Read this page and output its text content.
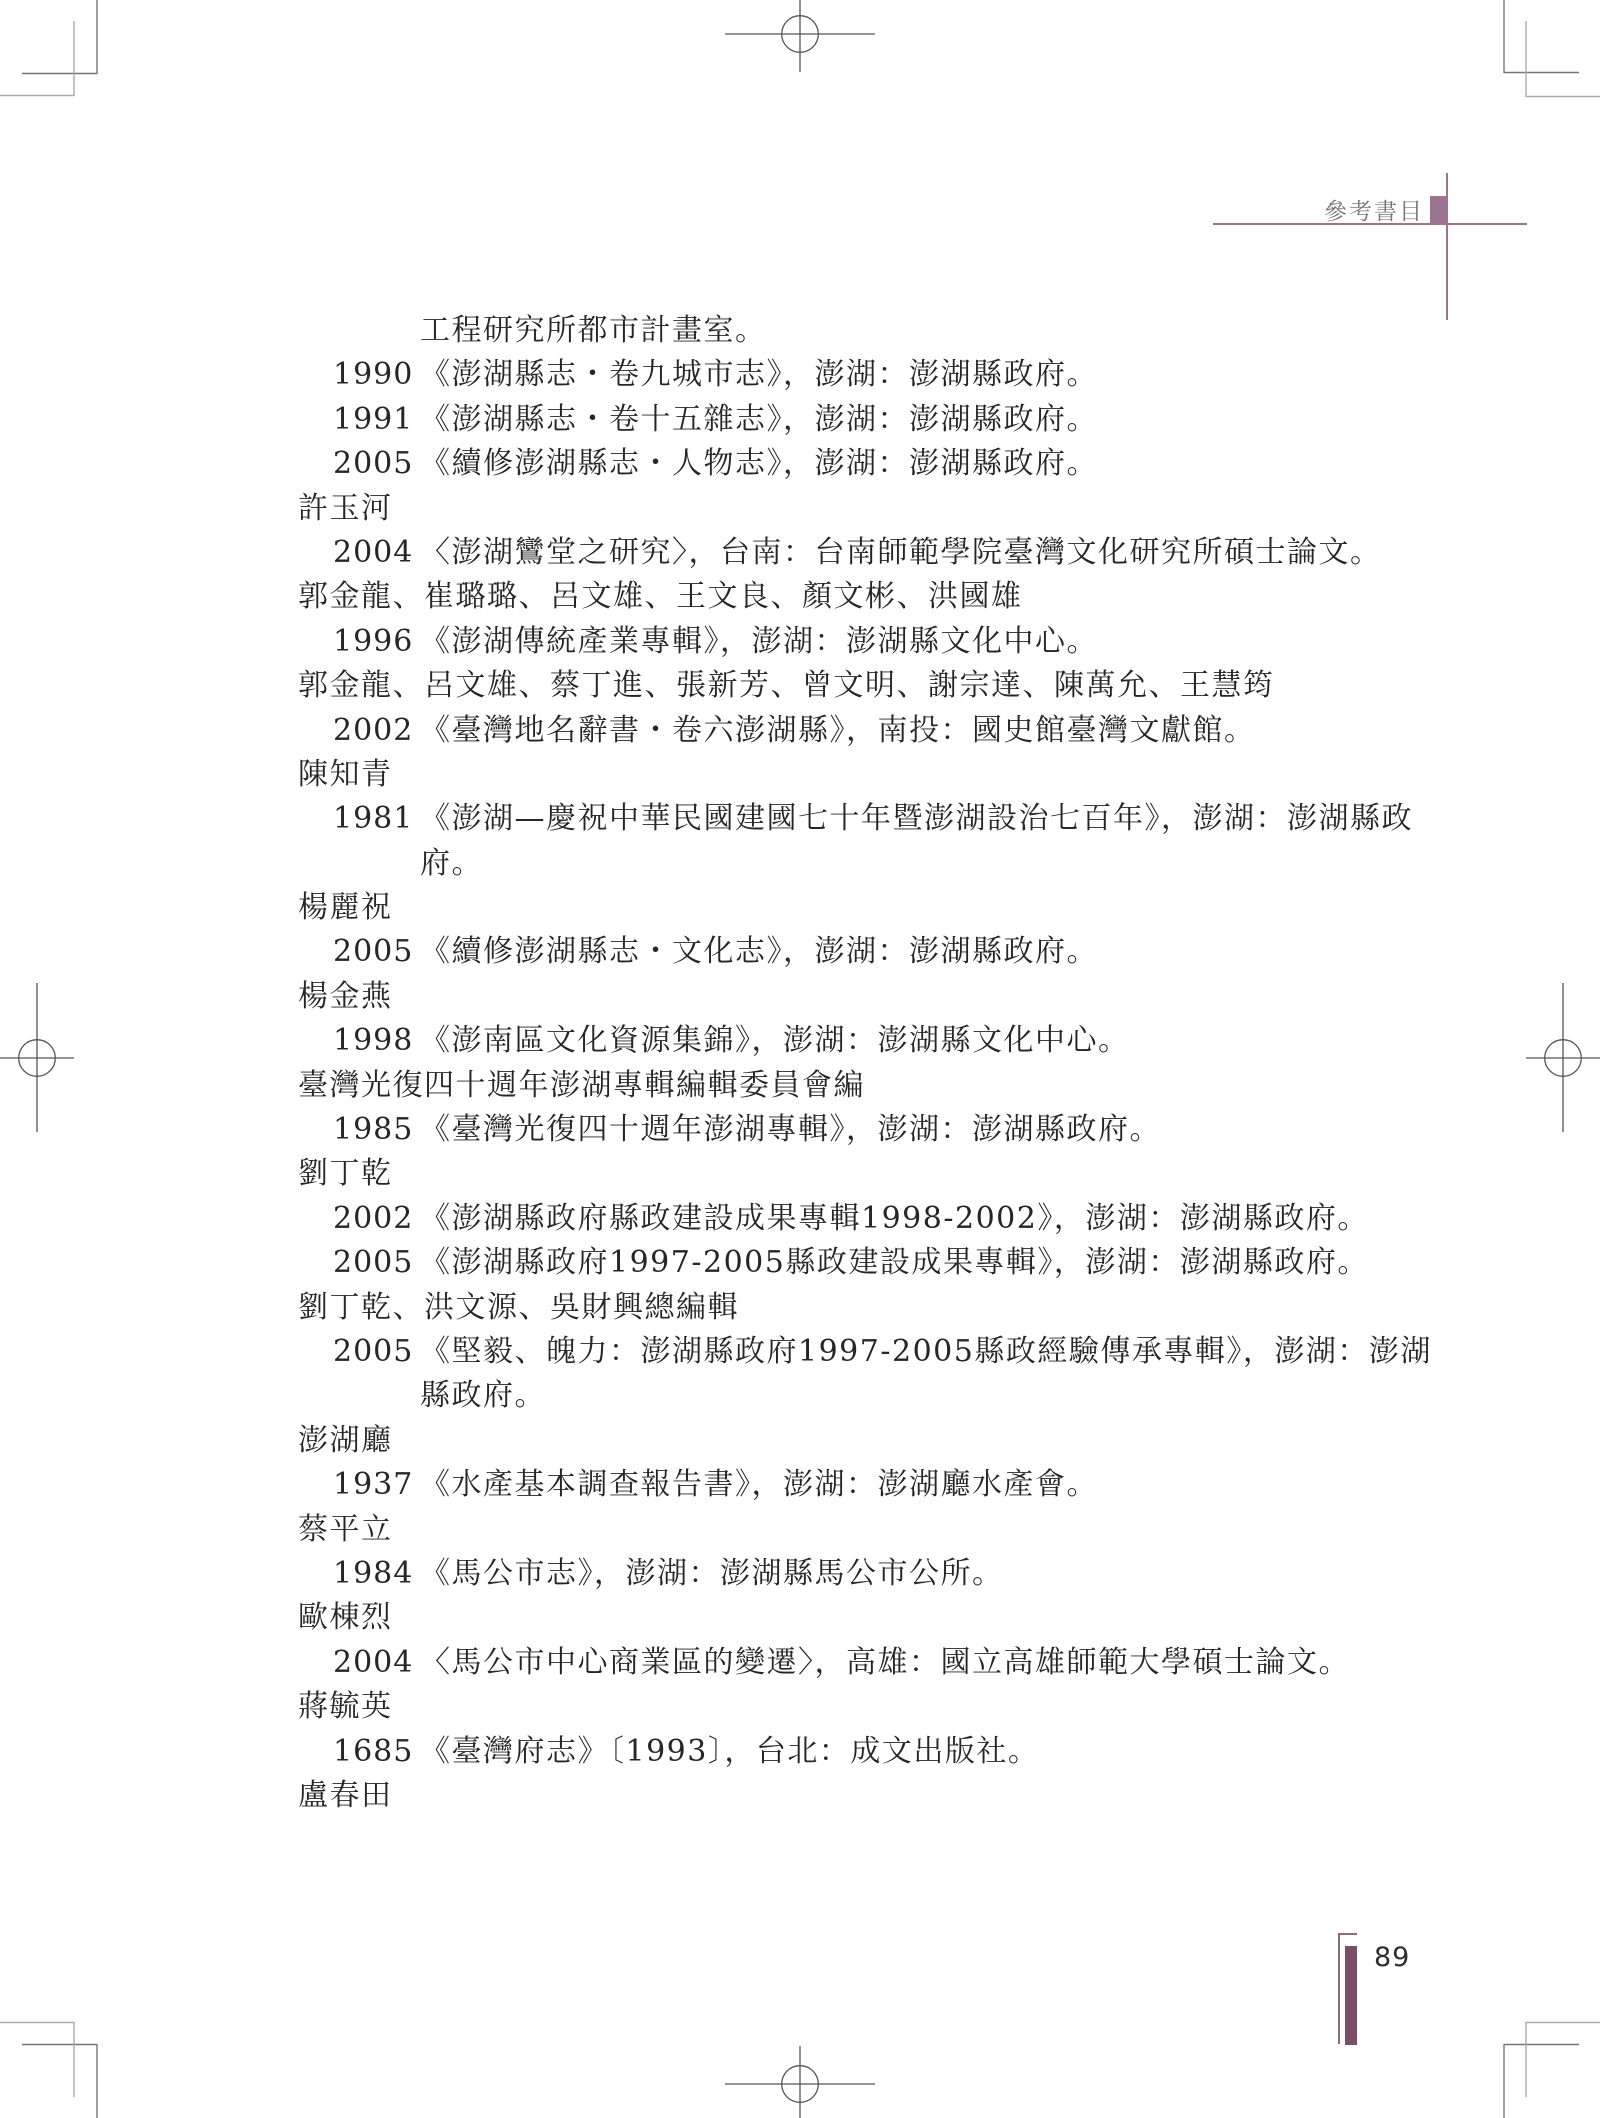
參考書目
工程研究所都市計畫室。
1990 《澎湖縣志・卷九城市志》，澎湖：澎湖縣政府。
1991 《澎湖縣志・卷十五雜志》，澎湖：澎湖縣政府。
2005 《續修澎湖縣志・人物志》，澎湖：澎湖縣政府。
許玉河
2004 〈澎湖鸞堂之研究〉，台南：台南師範學院臺灣文化研究所碩士論文。
郭金龍、崔璐璐、呂文雄、王文良、顏文彬、洪國雄
1996 《澎湖傳統產業專輯》，澎湖：澎湖縣文化中心。
郭金龍、呂文雄、蔡丁進、張新芳、曾文明、謝宗達、陳萬允、王慧筠
2002 《臺灣地名辭書・卷六澎湖縣》，南投：國史館臺灣文獻館。
陳知青
1981 《澎湖—慶祝中華民國建國七十年暨澎湖設治七百年》，澎湖：澎湖縣政
府。
楊麗祝
2005 《續修澎湖縣志・文化志》，澎湖：澎湖縣政府。
楊金燕
1998 《澎南區文化資源集錦》，澎湖：澎湖縣文化中心。
臺灣光復四十週年澎湖專輯編輯委員會編
1985 《臺灣光復四十週年澎湖專輯》，澎湖：澎湖縣政府。
劉丁乾
2002 《澎湖縣政府縣政建設成果專輯1998-2002》，澎湖：澎湖縣政府。
2005 《澎湖縣政府1997-2005縣政建設成果專輯》，澎湖：澎湖縣政府。
劉丁乾、洪文源、吳財興總編輯
2005 《堅毅、魄力：澎湖縣政府1997-2005縣政經驗傳承專輯》，澎湖：澎湖
縣政府。
澎湖廳
1937 《水產基本調查報告書》，澎湖：澎湖廳水產會。
蔡平立
1984 《馬公市志》，澎湖：澎湖縣馬公市公所。
歐棟烈
2004 〈馬公市中心商業區的變遷〉，高雄：國立高雄師範大學碩士論文。
蔣毓英
1685 《臺灣府志》〔1993〕，台北：成文出版社。
盧春田
89
